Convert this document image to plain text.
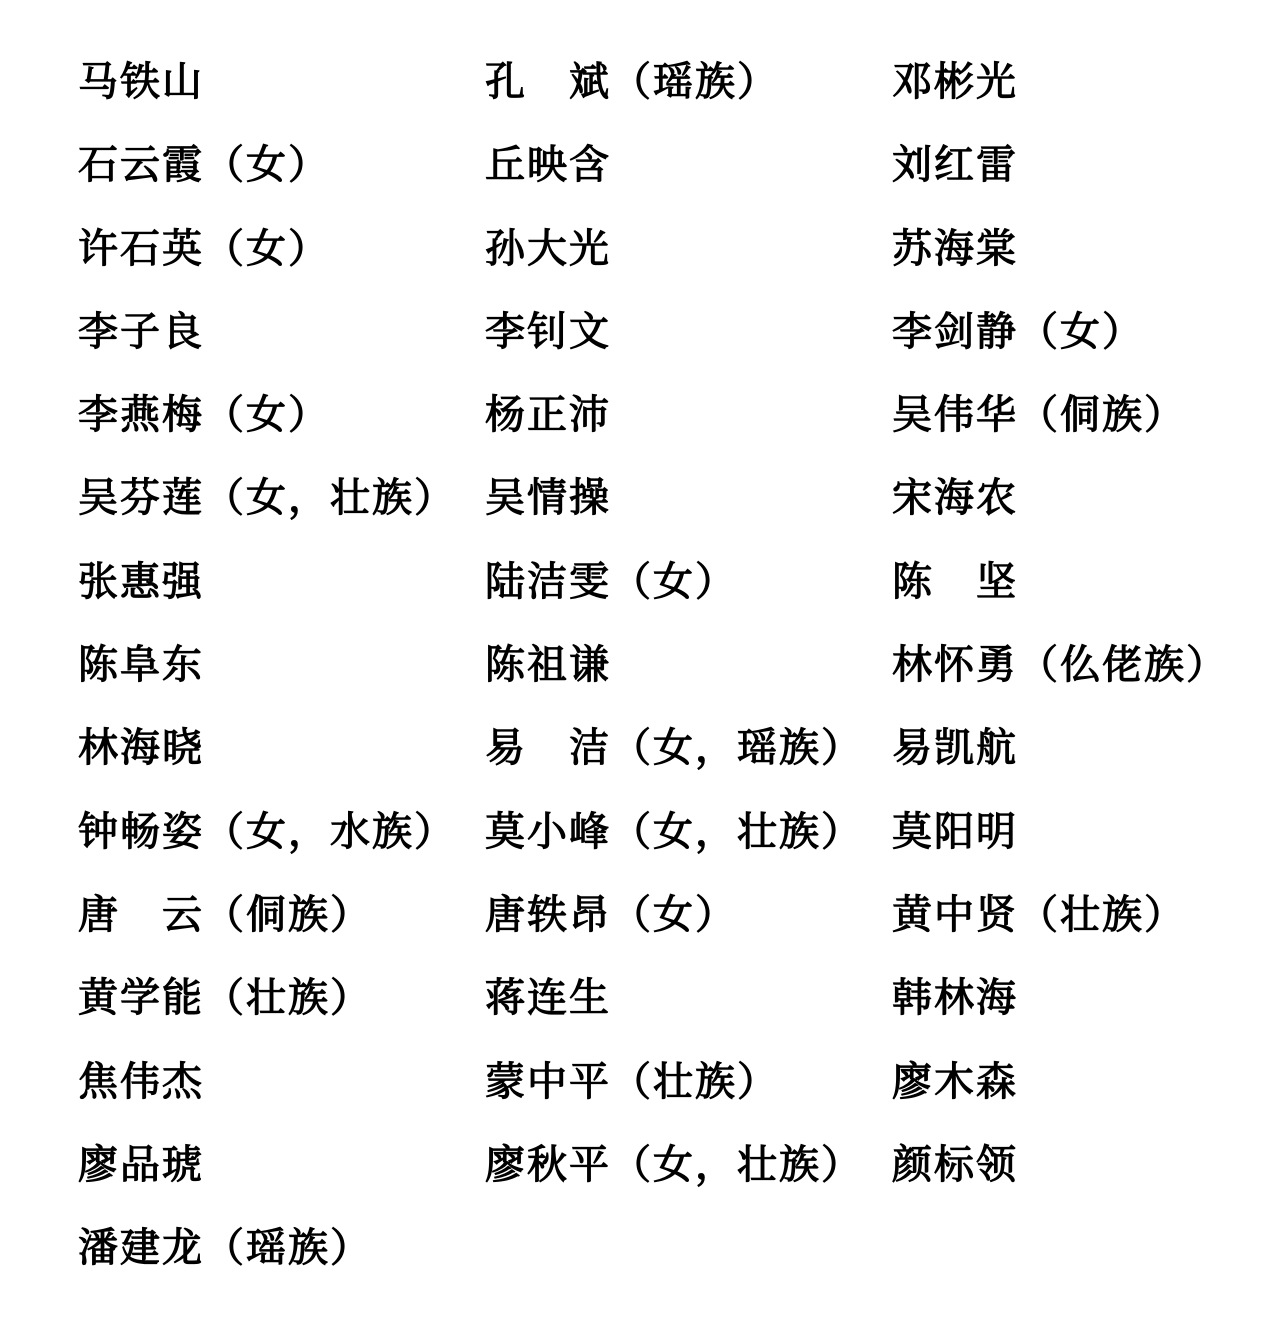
马铁山	孔　斌（瑶族）	邓彬光
石云霞（女）	丘映含	刘红雷
许石英（女）	孙大光	苏海棠
李子良	李钊文	李剑静（女）
李燕梅（女）	杨正沛	吴伟华（侗族）
吴芬莲（女，壮族） 吴情操	宋海农
张惠强	陆洁雯（女）	陈　坚
陈阜东	陈祖谦	林怀勇（仫佬族）
林海晓	易　洁（女，瑶族） 易凯航
钟畅姿（女，水族） 莫小峰（女，壮族） 莫阳明
唐　云（侗族）	唐轶昂（女）	黄中贤（壮族）
黄学能（壮族）	蒋连生	韩林海
焦伟杰	蒙中平（壮族）	廖木森
廖品琥	廖秋平（女，壮族） 颜标领
潘建龙（瑶族）
